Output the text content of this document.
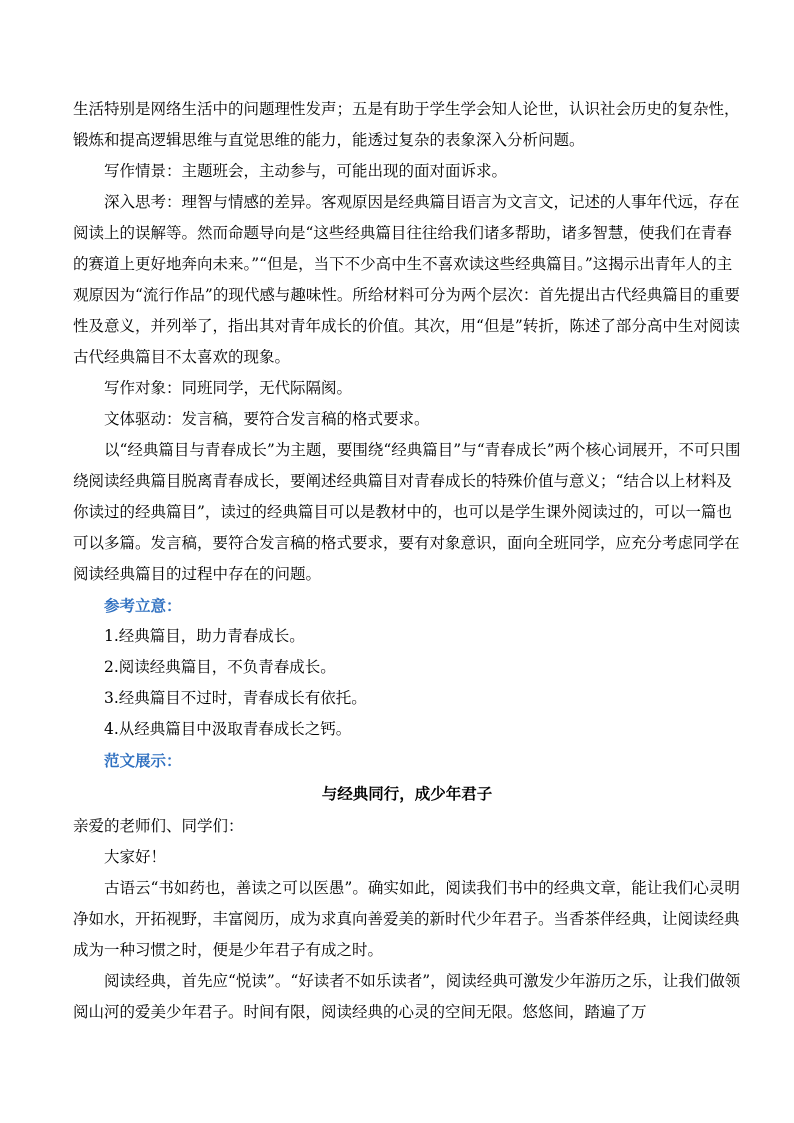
生活特别是网络生活中的问题理性发声；五是有助于学生学会知人论世，认识社会历史的复杂性，锻炼和提高逻辑思维与直觉思维的能力，能透过复杂的表象深入分析问题。

写作情景：主题班会，主动参与，可能出现的面对面诉求。

深入思考：理智与情感的差异。客观原因是经典篇目语言为文言文，记述的人事年代远，存在阅读上的误解等。然而命题导向是“这些经典篇目往往给我们诸多帮助，诸多智慧，使我们在青春的赛道上更好地奔向未来。”“但是，当下不少高中生不喜欢读这些经典篇目。”这揭示出青年人的主观原因为“流行作品”的现代感与趣味性。所给材料可分为两个层次：首先提出古代经典篇目的重要性及意义，并列举了，指出其对青年成长的价值。其次，用“但是”转折，陈述了部分高中生对阅读古代经典篇目不太喜欢的现象。

写作对象：同班同学，无代际隔阂。

文体驱动：发言稿，要符合发言稿的格式要求。

以“经典篇目与青春成长”为主题，要围绕“经典篇目”与“青春成长”两个核心词展开，不可只围绕阅读经典篇目脱离青春成长，要阐述经典篇目对青春成长的特殊价值与意义；“结合以上材料及你读过的经典篇目”，读过的经典篇目可以是教材中的，也可以是学生课外阅读过的，可以一篇也可以多篇。发言稿，要符合发言稿的格式要求，要有对象意识，面向全班同学，应充分考虑同学在阅读经典篇目的过程中存在的问题。

参考立意：

1.经典篇目，助力青春成长。

2.阅读经典篇目，不负青春成长。

3.经典篇目不过时，青春成长有依托。

4.从经典篇目中汲取青春成长之钙。

范文展示：

与经典同行，成少年君子

亲爱的老师们、同学们：

大家好！

古语云“书如药也，善读之可以医愚”。确实如此，阅读我们书中的经典文章，能让我们心灵明净如水，开拓视野，丰富阅历，成为求真向善爱美的新时代少年君子。当香茶伴经典，让阅读经典成为一种习惯之时，便是少年君子有成之时。

阅读经典，首先应“悦读”。“好读者不如乐读者”，阅读经典可激发少年游历之乐，让我们做领阅山河的爱美少年君子。时间有限，阅读经典的心灵的空间无限。悠悠间，踏遍了万
